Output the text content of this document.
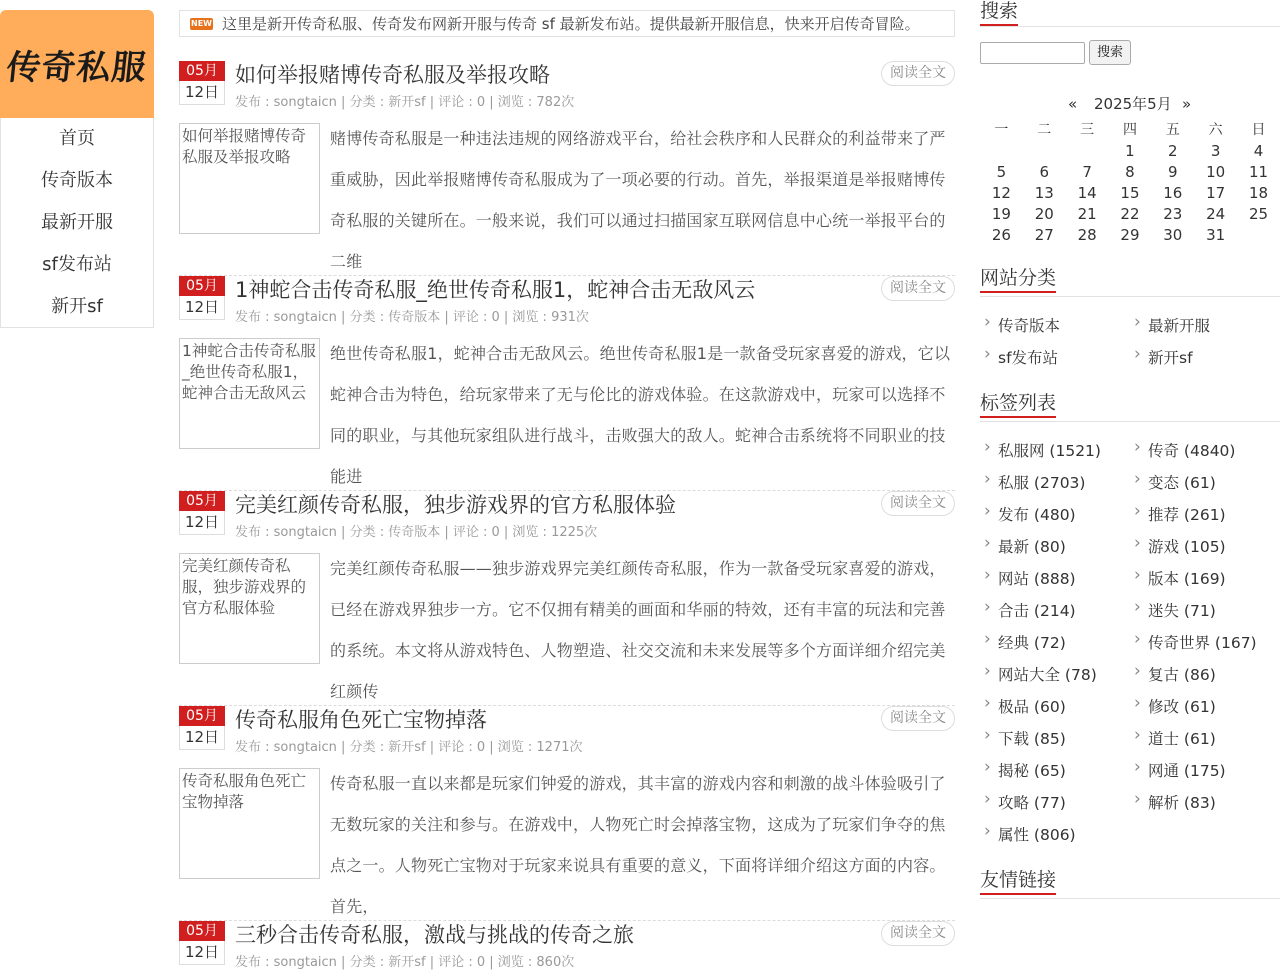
传奇私服
首页
传奇版本
最新开服
sf发布站
新开sf
NEW 这里是新开传奇私服、传奇发布网新开服与传奇 sf 最新发布站。提供最新开服信息，快来开启传奇冒险。
05月
12日
如何举报赌博传奇私服及举报攻略	阅读全文
发布 : songtaicn | 分类 : 新开sf | 评论 : 0 | 浏览 : 782次
如何举报赌博传奇私服及举报攻略
赌博传奇私服是一种违法违规的网络游戏平台，给社会秩序和人民群众的利益带来了严重威胁，因此举报赌博传奇私服成为了一项必要的行动。首先，举报渠道是举报赌博传奇私服的关键所在。一般来说，我们可以通过扫描国家互联网信息中心统一举报平台的二维
05月
12日
1神蛇合击传奇私服_绝世传奇私服1，蛇神合击无敌风云	阅读全文
发布 : songtaicn | 分类 : 传奇版本 | 评论 : 0 | 浏览 : 931次
1神蛇合击传奇私服_绝世传奇私服1，蛇神合击无敌风云
绝世传奇私服1，蛇神合击无敌风云。绝世传奇私服1是一款备受玩家喜爱的游戏，它以蛇神合击为特色，给玩家带来了无与伦比的游戏体验。在这款游戏中，玩家可以选择不同的职业，与其他玩家组队进行战斗，击败强大的敌人。蛇神合击系统将不同职业的技能进
05月
12日
完美红颜传奇私服，独步游戏界的官方私服体验	阅读全文
发布 : songtaicn | 分类 : 传奇版本 | 评论 : 0 | 浏览 : 1225次
完美红颜传奇私服，独步游戏界的官方私服体验
完美红颜传奇私服——独步游戏界完美红颜传奇私服，作为一款备受玩家喜爱的游戏，已经在游戏界独步一方。它不仅拥有精美的画面和华丽的特效，还有丰富的玩法和完善的系统。本文将从游戏特色、人物塑造、社交交流和未来发展等多个方面详细介绍完美红颜传
05月
12日
传奇私服角色死亡宝物掉落	阅读全文
发布 : songtaicn | 分类 : 新开sf | 评论 : 0 | 浏览 : 1271次
传奇私服角色死亡宝物掉落
传奇私服一直以来都是玩家们钟爱的游戏，其丰富的游戏内容和刺激的战斗体验吸引了无数玩家的关注和参与。在游戏中，人物死亡时会掉落宝物，这成为了玩家们争夺的焦点之一。人物死亡宝物对于玩家来说具有重要的意义，下面将详细介绍这方面的内容。首先，
05月
12日
三秒合击传奇私服，激战与挑战的传奇之旅	阅读全文
发布 : songtaicn | 分类 : 新开sf | 评论 : 0 | 浏览 : 860次
搜索
搜索
« 2025年5月 »
一	二	三	四	五	六	日
			1	2	3	4
5	6	7	8	9	10	11
12	13	14	15	16	17	18
19	20	21	22	23	24	25
26	27	28	29	30	31	
网站分类
› 传奇版本	› 最新开服
› sf发布站	› 新开sf
标签列表
› 私服网 (1521)	› 传奇 (4840)
› 私服 (2703)	› 变态 (61)
› 发布 (480)	› 推荐 (261)
› 最新 (80)	› 游戏 (105)
› 网站 (888)	› 版本 (169)
› 合击 (214)	› 迷失 (71)
› 经典 (72)	› 传奇世界 (167)
› 网站大全 (78)	› 复古 (86)
› 极品 (60)	› 修改 (61)
› 下载 (85)	› 道士 (61)
› 揭秘 (65)	› 网通 (175)
› 攻略 (77)	› 解析 (83)
› 属性 (806)
友情链接
